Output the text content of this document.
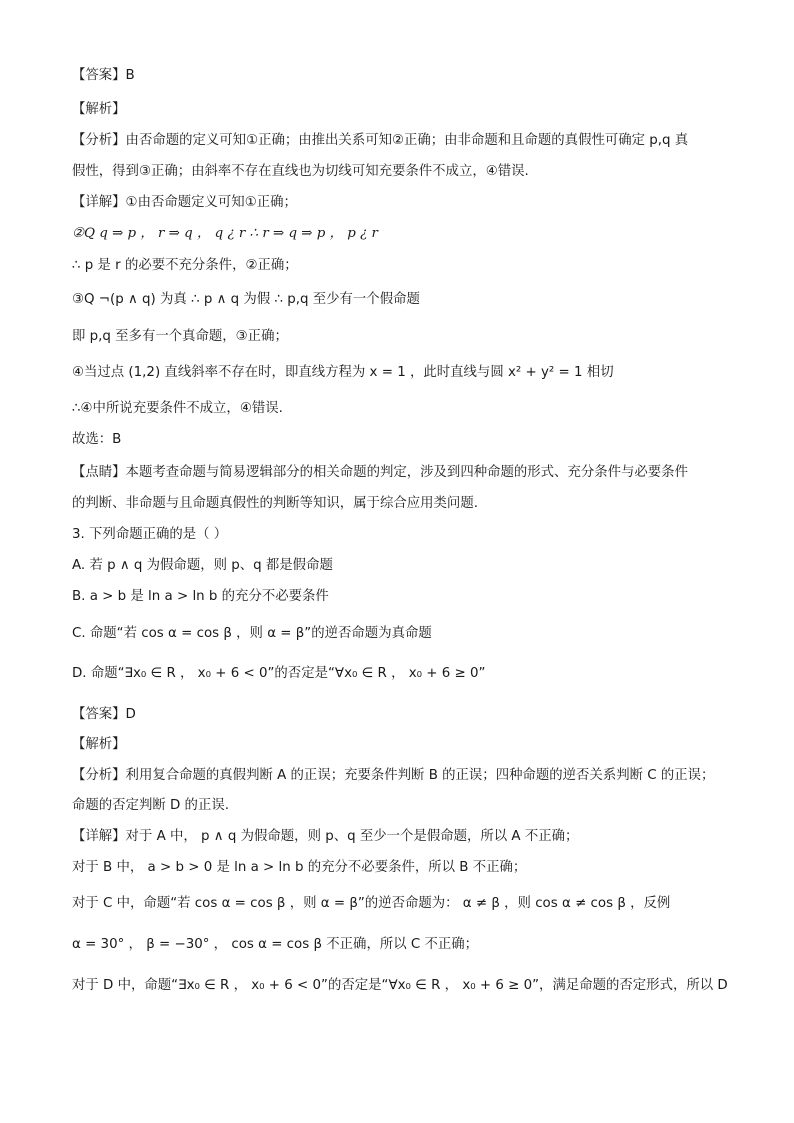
【答案】B
【解析】
【分析】由否命题的定义可知①正确；由推出关系可知②正确；由非命题和且命题的真假性可确定 p,q 真
假性，得到③正确；由斜率不存在直线也为切线可知充要条件不成立，④错误.
【详解】①由否命题定义可知①正确；
②Q q ⇒ p ， r ⇒ q ， q ¿ r ∴ r ⇒ q ⇒ p ， p ¿ r
∴ p 是 r 的必要不充分条件，②正确；
③Q ¬(p ∧ q) 为真 ∴ p ∧ q 为假 ∴ p,q 至少有一个假命题
即 p,q 至多有一个真命题，③正确；
④当过点 (1,2) 直线斜率不存在时，即直线方程为 x = 1 ，此时直线与圆 x² + y² = 1 相切
∴④中所说充要条件不成立，④错误.
故选：B
【点睛】本题考查命题与简易逻辑部分的相关命题的判定，涉及到四种命题的形式、充分条件与必要条件
的判断、非命题与且命题真假性的判断等知识，属于综合应用类问题.
3. 下列命题正确的是（ ）
A. 若 p ∧ q 为假命题，则 p、q 都是假命题
B. a > b 是 ln a > ln b 的充分不必要条件
C. 命题“若 cos α = cos β ，则 α = β”的逆否命题为真命题
D. 命题“∃x₀ ∈ R ， x₀ + 6 < 0”的否定是“∀x₀ ∈ R ， x₀ + 6 ≥ 0”
【答案】D
【解析】
【分析】利用复合命题的真假判断 A 的正误；充要条件判断 B 的正误；四种命题的逆否关系判断 C 的正误；
命题的否定判断 D 的正误.
【详解】对于 A 中， p ∧ q 为假命题，则 p、q 至少一个是假命题，所以 A 不正确；
对于 B 中， a > b > 0 是 ln a > ln b 的充分不必要条件，所以 B 不正确；
对于 C 中，命题“若 cos α = cos β ，则 α = β”的逆否命题为： α ≠ β ，则 cos α ≠ cos β ，反例
α = 30° ， β = −30° ， cos α = cos β 不正确，所以 C 不正确；
对于 D 中，命题“∃x₀ ∈ R ， x₀ + 6 < 0”的否定是“∀x₀ ∈ R ， x₀ + 6 ≥ 0”，满足命题的否定形式，所以 D
